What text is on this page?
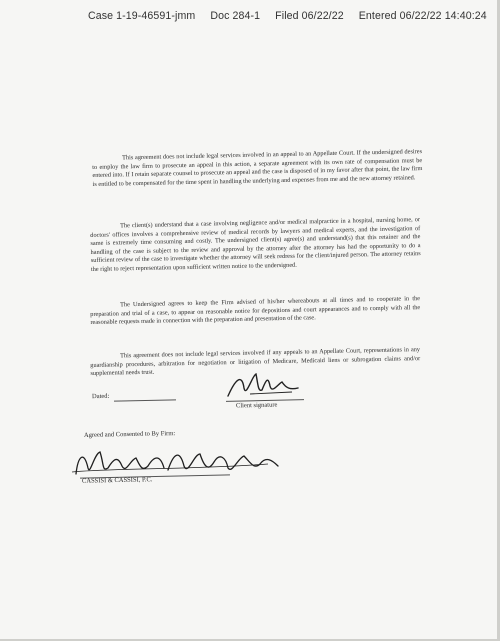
Case 1-19-46591-jmm Doc 284-1 Filed 06/22/22 Entered 06/22/22 14:40:24
This agreement does not include legal services involved in an appeal to an Appellate Court. If the undersigned desires to employ the law firm to prosecute an appeal in this action, a separate agreement with its own rate of compensation must be entered into. If I retain separate counsel to prosecute an appeal and the case is disposed of in my favor after that point, the law firm is entitled to be compensated for the time spent in handling the underlying and expenses from me and the new attorney retained.
The client(s) understand that a case involving negligence and/or medical malpractice in a hospital, nursing home, or doctors' offices involves a comprehensive review of medical records by lawyers and medical experts, and the investigation of same is extremely time consuming and costly. The undersigned client(s) agree(s) and understand(s) that this retainer and the handling of the case is subject to the review and approval by the attorney after the attorney has had the opportunity to do a sufficient review of the case to investigate whether the attorney will seek redress for the client/injured person. The attorney retains the right to reject representation upon sufficient written notice to the undersigned.
The Undersigned agrees to keep the Firm advised of his/her whereabouts at all times and to cooperate in the preparation and trial of a case, to appear on reasonable notice for depositions and court appearances and to comply with all the reasonable requests made in connection with the preparation and presentation of the case.
This agreement does not include legal services involved if any appeals to an Appellate Court, representations in any guardianship procedures, arbitration for negotiation or litigation of Medicare, Medicaid liens or subrogation claims and/or supplemental needs trust.
Dated:
Client signature
Agreed and Consented to By Firm:
CASSISI & CASSISI, P.C.
